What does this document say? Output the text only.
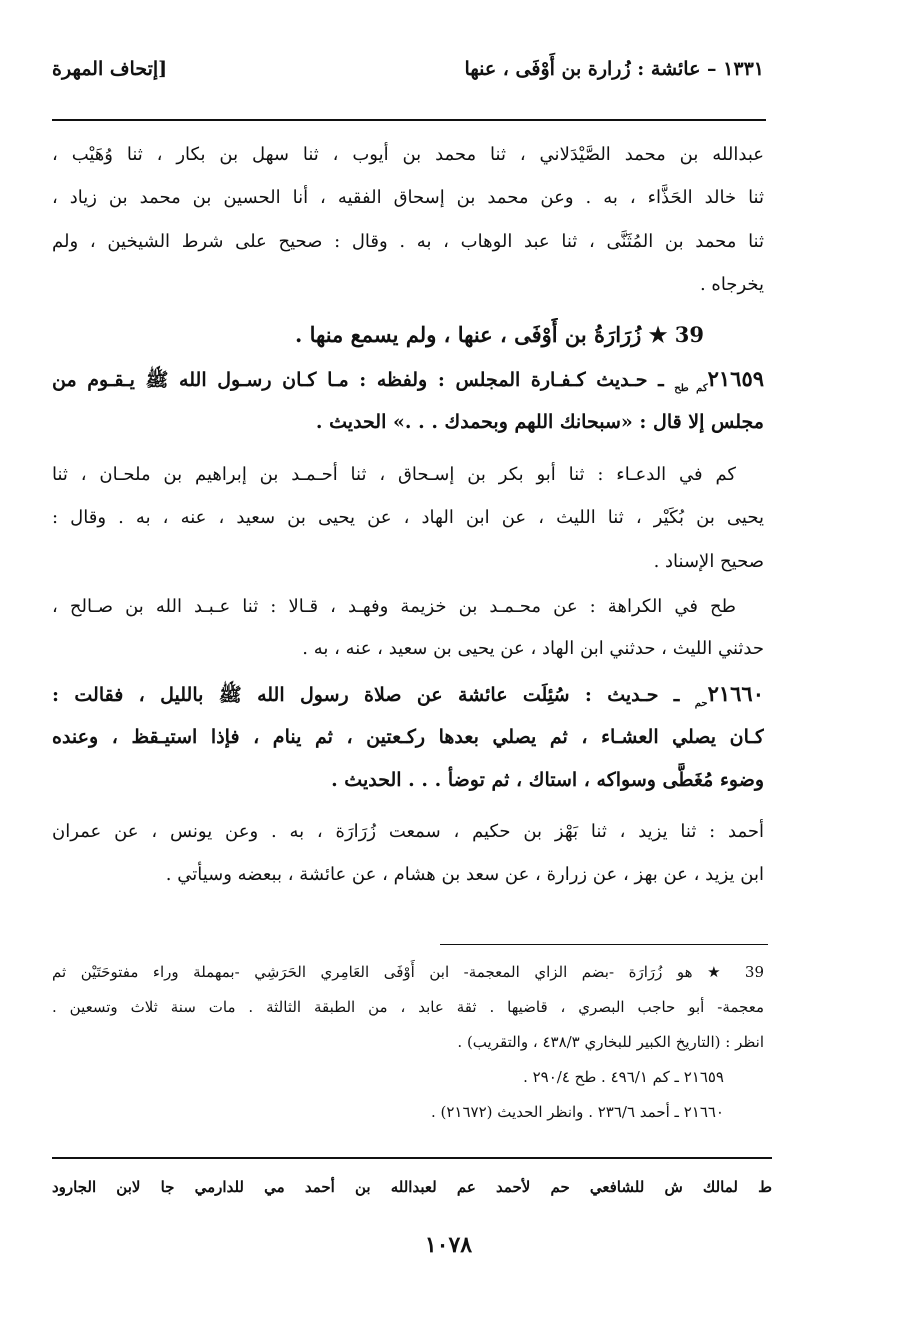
١٣٣١ – عائشة : زُرارة بن أَوْفَى ، عنها
[إتحاف المهرة
عبدالله بن محمد الصَّيْدَلاني ، ثنا محمد بن أيوب ، ثنا سهل بن بكار ، ثنا وُهَيْب ،
ثنا خالد الحَذَّاء ، به . وعن محمد بن إسحاق الفقيه ، أنا الحسين بن محمد بن زياد ،
ثنا محمد بن المُثَنَّى ، ثنا عبد الوهاب ، به . وقال : صحيح على شرط الشيخين ، ولم
يخرجاه .
39 ★ زُرَارَةُ بن أَوْفَى ، عنها ، ولم يسمع منها .
$٢١٦٥٩_{كم طح}$ ـ حـديث كـفـارة المجلس : ولفظه : مـا كـان رسـول الله ﷺ يـقـوم من
مجلس إلا قال : «سبحانك اللهم وبحمدك . . .» الحديث .
كم في الدعـاء : ثنا أبو بكر بن إسـحاق ، ثنا أحـمـد بن إبراهيم بن ملحـان ، ثنا
يحيى بن بُكَيْر ، ثنا الليث ، عن ابن الهاد ، عن يحيى بن سعيد ، عنه ، به . وقال :
صحيح الإسناد .
طح في الكراهة : عن محـمـد بن خزيمة وفهـد ، قـالا : ثنا عـبـد الله بن صـالح ،
حدثني الليث ، حدثني ابن الهاد ، عن يحيى بن سعيد ، عنه ، به .
$٢١٦٦٠_{حم}$ ـ حـديث : سُئِلَت عائشة عن صلاة رسول الله ﷺ بالليل ، فقالت :
كـان يصلي العشـاء ، ثم يصلي بعدها ركـعتين ، ثم ينام ، فإذا استيـقظ ، وعنده
وضوء مُغَطًّى وسواكه ، استاك ، ثم توضأ . . . الحديث .
أحمد : ثنا يزيد ، ثنا بَهْز بن حكيم ، سمعت زُرَارَة ، به . وعن يونس ، عن عمران
ابن يزيد ، عن بهز ، عن زرارة ، عن سعد بن هشام ، عن عائشة ، ببعضه وسيأتي .
39 ★ هو زُرَارَة -بضم الزاي المعجمة- ابن أَوْفَى العَامِري الحَرَشِي -بمهملة وراء مفتوحَتَيْن ثم
معجمة- أبو حاجب البصري ، قاضيها . ثقة عابد ، من الطبقة الثالثة . مات سنة ثلاث وتسعين .
انظر : (التاريخ الكبير للبخاري ٤٣٨/٣ ، والتقريب) .
٢١٦٥٩ ـ كم ٤٩٦/١ . طح ٢٩٠/٤ .
٢١٦٦٠ ـ أحمد ٢٣٦/٦ . وانظر الحديث (٢١٦٧٢) .
ط لمالك ش للشافعي حم لأحمد عم لعبدالله بن أحمد مي للدارمي جا لابن الجارود
١٠٧٨
